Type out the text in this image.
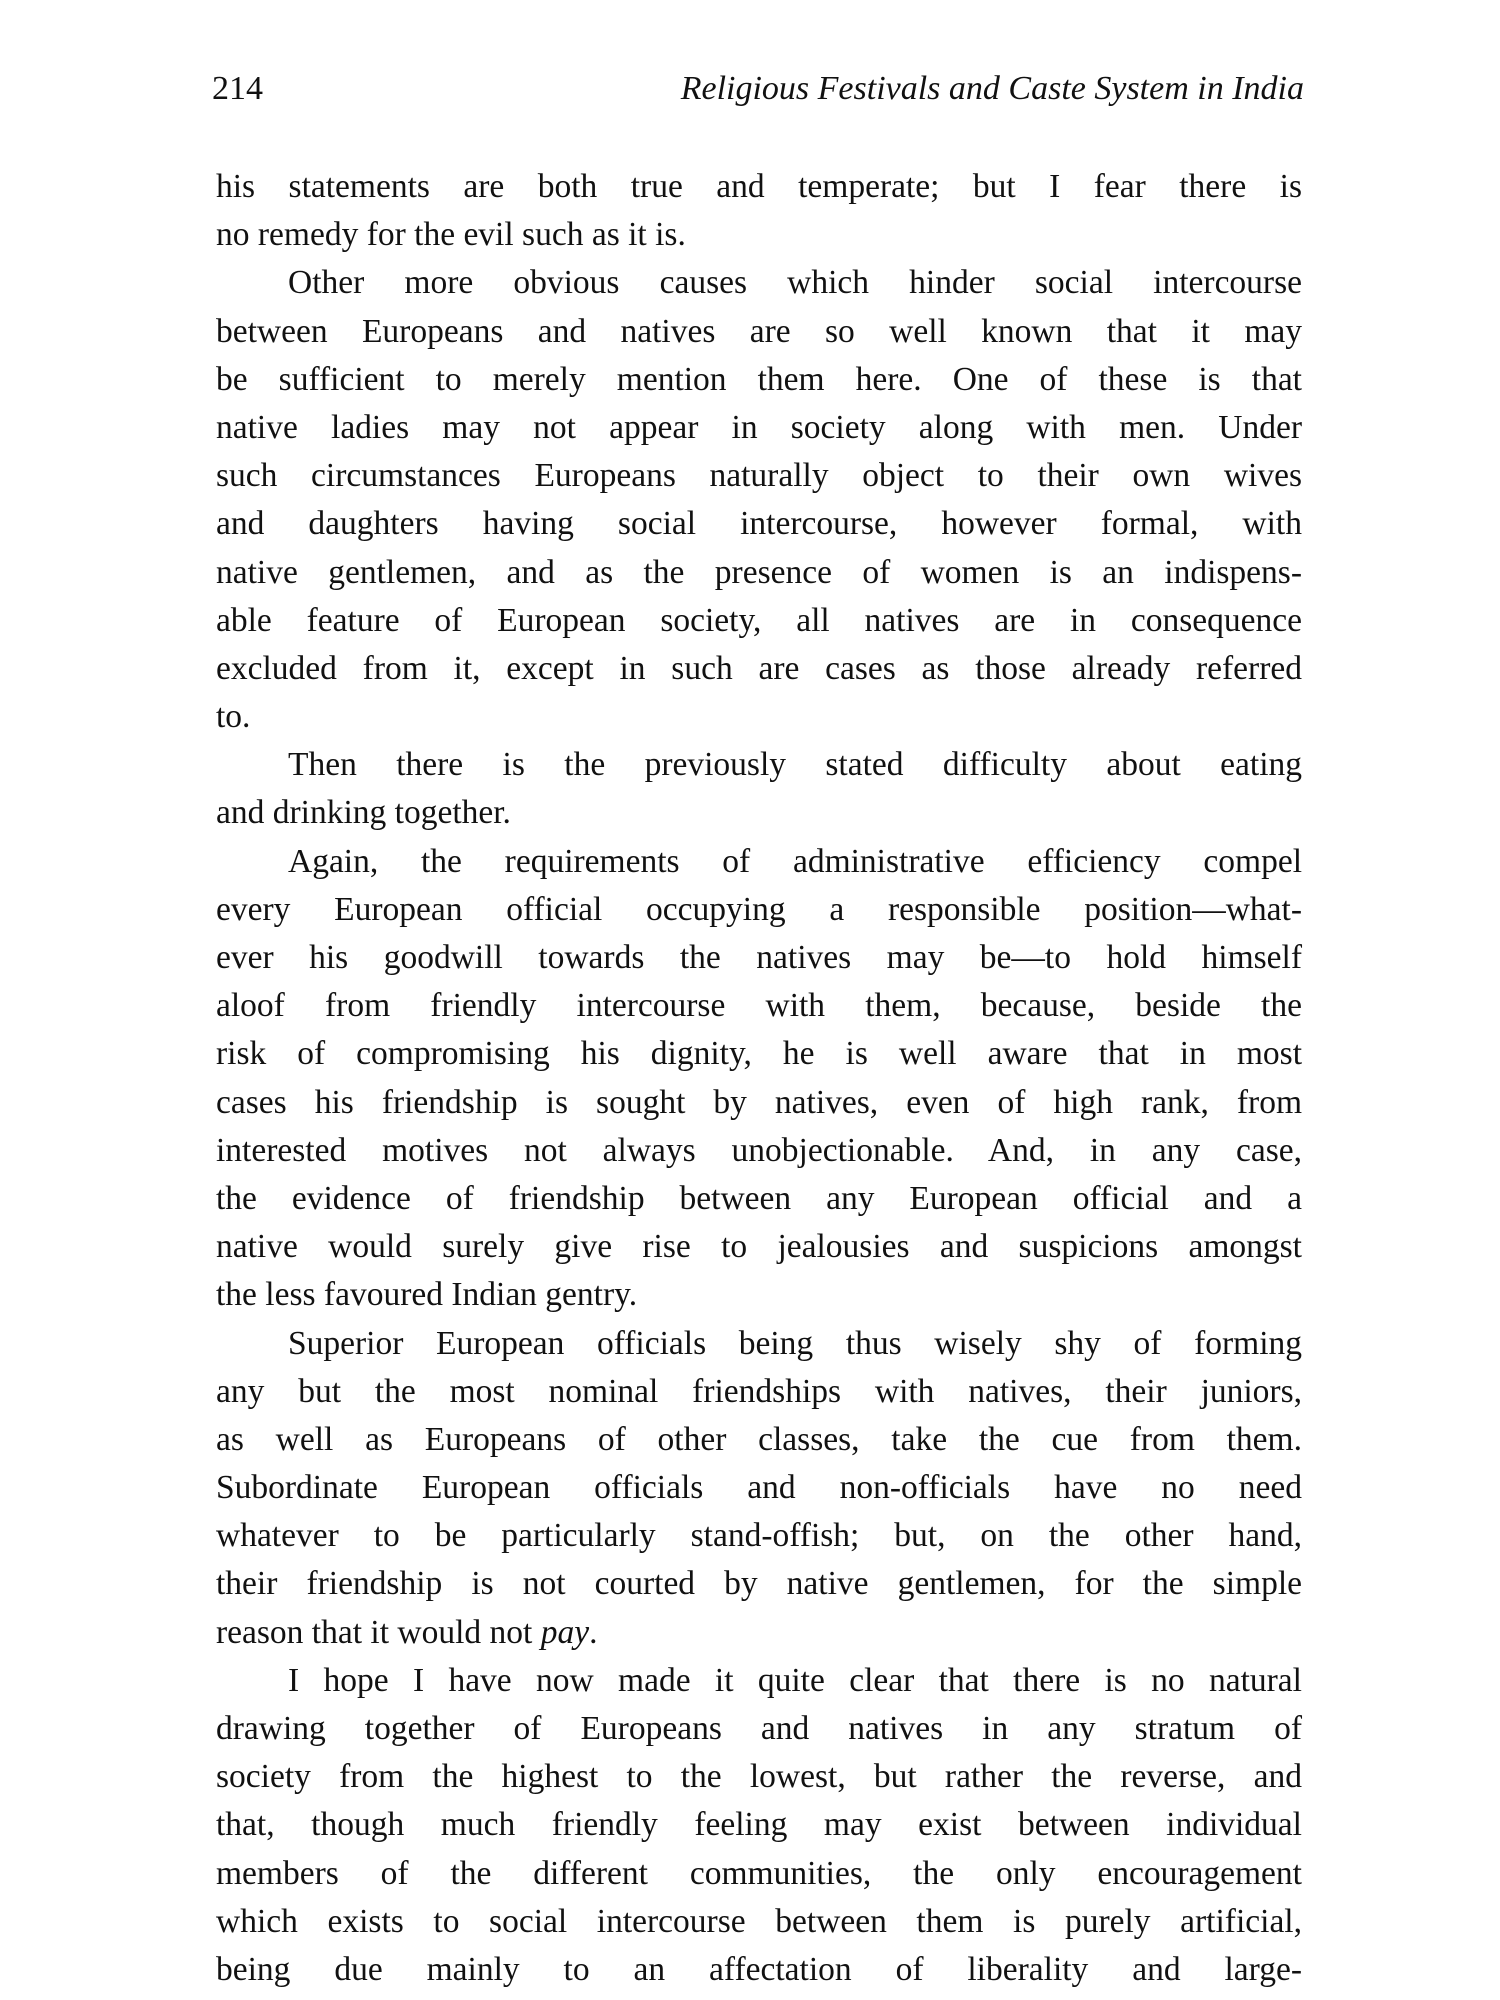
214	Religious Festivals and Caste System in India
his statements are both true and temperate; but I fear there is
no remedy for the evil such as it is.
Other more obvious causes which hinder social intercourse
between Europeans and natives are so well known that it may
be sufficient to merely mention them here. One of these is that
native ladies may not appear in society along with men. Under
such circumstances Europeans naturally object to their own wives
and daughters having social intercourse, however formal, with
native gentlemen, and as the presence of women is an indispens-
able feature of European society, all natives are in consequence
excluded from it, except in such are cases as those already referred
to.
Then there is the previously stated difficulty about eating
and drinking together.
Again, the requirements of administrative efficiency compel
every European official occupying a responsible position—what-
ever his goodwill towards the natives may be—to hold himself
aloof from friendly intercourse with them, because, beside the
risk of compromising his dignity, he is well aware that in most
cases his friendship is sought by natives, even of high rank, from
interested motives not always unobjectionable. And, in any case,
the evidence of friendship between any European official and a
native would surely give rise to jealousies and suspicions amongst
the less favoured Indian gentry.
Superior European officials being thus wisely shy of forming
any but the most nominal friendships with natives, their juniors,
as well as Europeans of other classes, take the cue from them.
Subordinate European officials and non-officials have no need
whatever to be particularly stand-offish; but, on the other hand,
their friendship is not courted by native gentlemen, for the simple
reason that it would not pay.
I hope I have now made it quite clear that there is no natural
drawing together of Europeans and natives in any stratum of
society from the highest to the lowest, but rather the reverse, and
that, though much friendly feeling may exist between individual
members of the different communities, the only encouragement
which exists to social intercourse between them is purely artificial,
being due mainly to an affectation of liberality and large-
